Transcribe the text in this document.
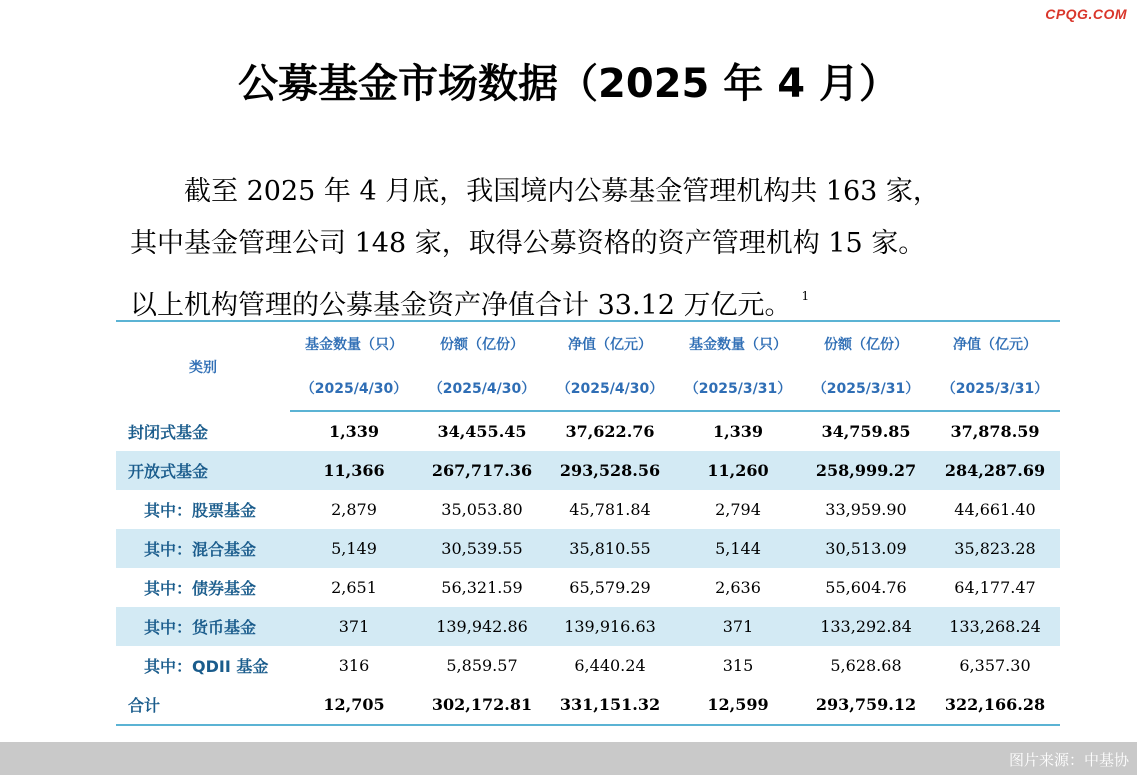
CPQG.COM
公募基金市场数据（2025 年 4 月）
截至 2025 年 4 月底，我国境内公募基金管理机构共 163 家，
其中基金管理公司 148 家，取得公募资格的资产管理机构 15 家。
以上机构管理的公募基金资产净值合计 33.12 万亿元。 $^1$
类别	基金数量（只）	份额（亿份）	净值（亿元）	基金数量（只）	份额（亿份）	净值（亿元）
	（2025/4/30）	（2025/4/30）	（2025/4/30）	（2025/3/31）	（2025/3/31）	（2025/3/31）
封闭式基金	1,339	34,455.45	37,622.76	1,339	34,759.85	37,878.59
开放式基金	11,366	267,717.36	293,528.56	11,260	258,999.27	284,287.69
其中：股票基金	2,879	35,053.80	45,781.84	2,794	33,959.90	44,661.40
其中：混合基金	5,149	30,539.55	35,810.55	5,144	30,513.09	35,823.28
其中：债券基金	2,651	56,321.59	65,579.29	2,636	55,604.76	64,177.47
其中：货币基金	371	139,942.86	139,916.63	371	133,292.84	133,268.24
其中：QDII 基金	316	5,859.57	6,440.24	315	5,628.68	6,357.30
合计	12,705	302,172.81	331,151.32	12,599	293,759.12	322,166.28
图片来源：中基协
